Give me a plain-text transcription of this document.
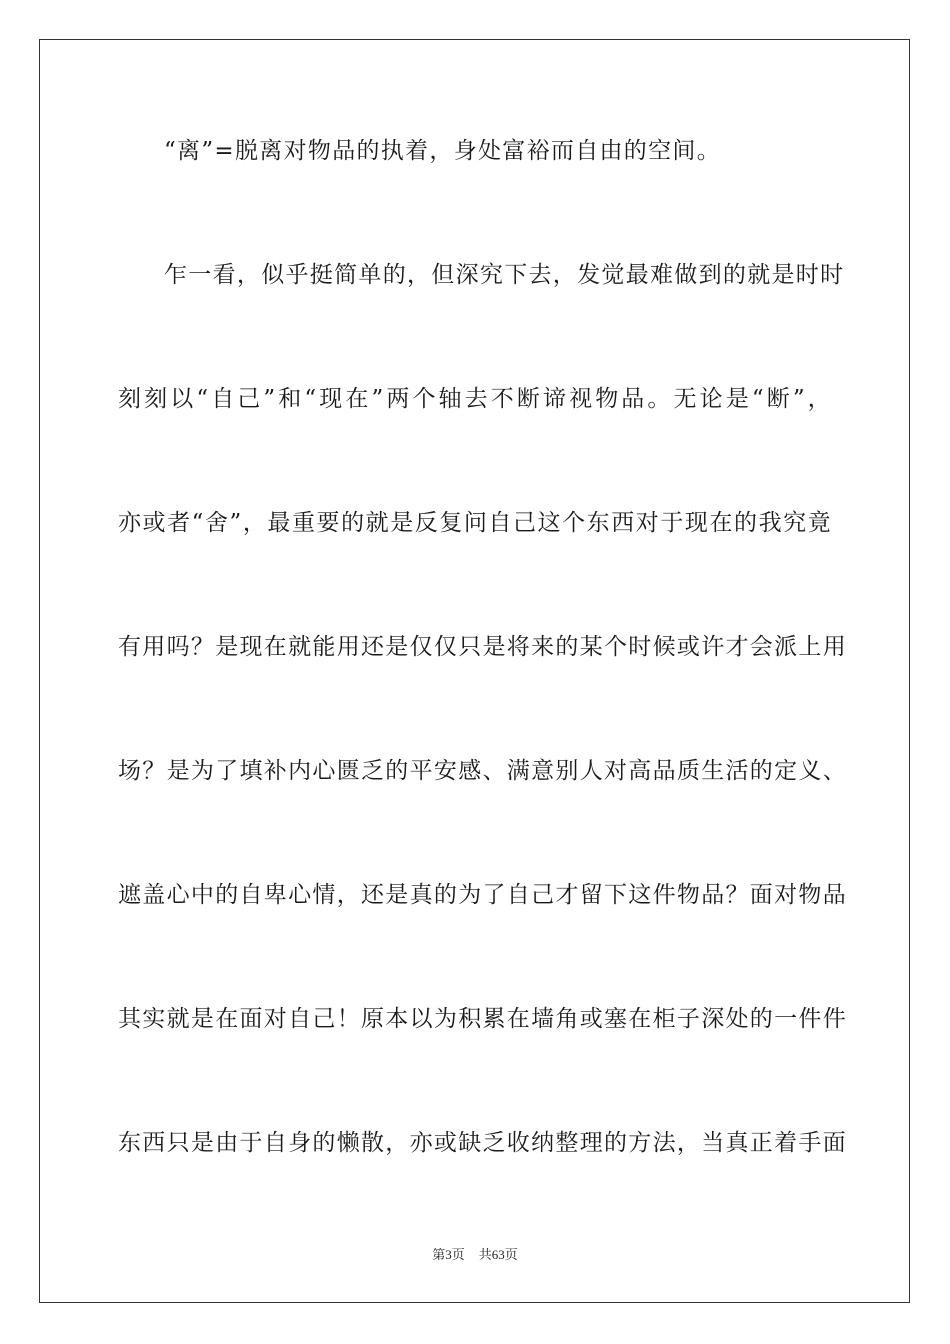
“离”=脱离对物品的执着，身处富裕而自由的空间。
乍一看，似乎挺简单的，但深究下去，发觉最难做到的就是时时
刻刻以“自己”和“现在”两个轴去不断谛视物品。无论是“断”，
亦或者“舍”，最重要的就是反复问自己这个东西对于现在的我究竟
有用吗？是现在就能用还是仅仅只是将来的某个时候或许才会派上用
场？是为了填补内心匮乏的平安感、满意别人对高品质生活的定义、
遮盖心中的自卑心情，还是真的为了自己才留下这件物品？面对物品
其实就是在面对自己！原本以为积累在墙角或塞在柜子深处的一件件
东西只是由于自身的懒散，亦或缺乏收纳整理的方法，当真正着手面
第3页 共63页
